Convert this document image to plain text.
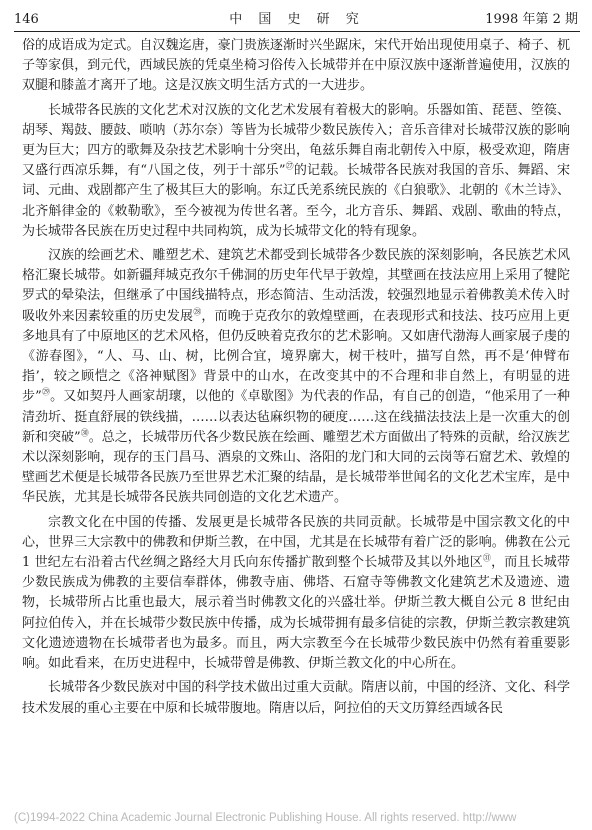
146	中 国 史 研 究	1998 年第 2 期

俗的成语成为定式。自汉魏迄唐，豪门贵族逐渐时兴坐踞床，宋代开始出现使用桌子、椅子、杌子等家俱，到元代，西域民族的凭桌坐椅习俗传入长城带并在中原汉族中逐渐普遍使用，汉族的双腿和膝盖才离开了地。这是汉族文明生活方式的一大进步。

长城带各民族的文化艺术对汉族的文化艺术发展有着极大的影响。乐器如笛、琵琶、箜篌、胡琴、羯鼓、腰鼓、唢呐（苏尔奈）等皆为长城带少数民族传入；音乐音律对长城带汉族的影响更为巨大；四方的歌舞及杂技艺术影响十分突出，龟兹乐舞自南北朝传入中原，极受欢迎，隋唐又盛行西凉乐舞，有“八国之伎，列于十部乐”$^㉗$的记载。长城带各民族对我国的音乐、舞蹈、宋词、元曲、戏剧都产生了极其巨大的影响。东辽氏羌系统民族的《白狼歌》、北朝的《木兰诗》、北齐斛律金的《敕勒歌》，至今被视为传世名著。至今，北方音乐、舞蹈、戏剧、歌曲的特点，为长城带各民族在历史过程中共同构筑，成为长城带文化的特有现象。

汉族的绘画艺术、雕塑艺术、建筑艺术都受到长城带各少数民族的深刻影响，各民族艺术风格汇聚长城带。如新疆拜城克孜尔千佛洞的历史年代早于敦煌，其壁画在技法应用上采用了犍陀罗式的晕染法，但继承了中国线描特点，形态简洁、生动活泼，较强烈地显示着佛教美术传入时吸收外来因素较重的历史发展$^㉘$，而晚于克孜尔的敦煌壁画，在表现形式和技法、技巧应用上更多地具有了中原地区的艺术风格，但仍反映着克孜尔的艺术影响。又如唐代渤海人画家展子虔的《游春图》，“人、马、山、树，比例合宜，境界廓大，树干枝叶，描写自然，再不是‘伸臂布指’，较之顾恺之《洛神赋图》背景中的山水，在改变其中的不合理和非自然上，有明显的进步”$^㉙$。又如契丹人画家胡瓌，以他的《卓歇图》为代表的作品，有自己的创造，“他采用了一种清劲圻、挺直舒展的铁线描，……以表达毡麻织物的硬度……这在线描法技法上是一次重大的创新和突破”$^㉚$。总之，长城带历代各少数民族在绘画、雕塑艺术方面做出了特殊的贡献，给汉族艺术以深刻影响，现存的玉门昌马、酒泉的文殊山、洛阳的龙门和大同的云岗等石窟艺术、敦煌的壁画艺术便是长城带各民族乃至世界艺术汇聚的结晶，是长城带举世闻名的文化艺术宝库，是中华民族，尤其是长城带各民族共同创造的文化艺术遗产。

宗教文化在中国的传播、发展更是长城带各民族的共同贡献。长城带是中国宗教文化的中心，世界三大宗教中的佛教和伊斯兰教，在中国，尤其是在长城带有着广泛的影响。佛教在公元 1 世纪左右沿着古代丝绸之路经大月氏向东传播扩散到整个长城带及其以外地区$^㉛$，而且长城带少数民族成为佛教的主要信奉群体，佛教寺庙、佛塔、石窟寺等佛教文化建筑艺术及遗迹、遗物，长城带所占比重也最大，展示着当时佛教文化的兴盛壮举。伊斯兰教大概自公元 8 世纪由阿拉伯传入，并在长城带少数民族中传播，成为长城带拥有最多信徒的宗教，伊斯兰教宗教建筑文化遗迹遗物在长城带者也为最多。而且，两大宗教至今在长城带少数民族中仍然有着重要影响。如此看来，在历史进程中，长城带曾是佛教、伊斯兰教文化的中心所在。

长城带各少数民族对中国的科学技术做出过重大贡献。隋唐以前，中国的经济、文化、科学技术发展的重心主要在中原和长城带腹地。隋唐以后，阿拉伯的天文历算经西域各民

(C)1994-2022 China Academic Journal Electronic Publishing House. All rights reserved. http://www
